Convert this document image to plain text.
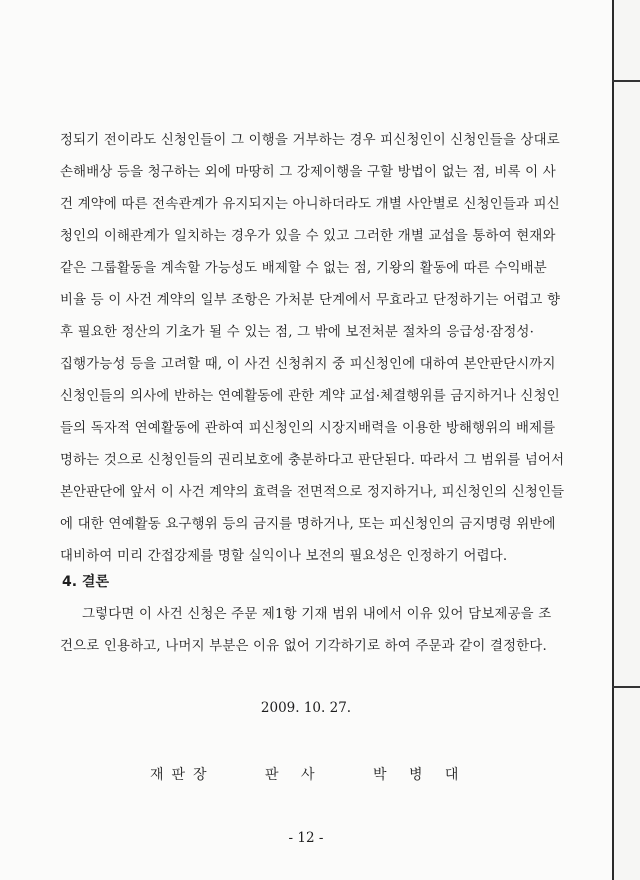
정되기 전이라도 신청인들이 그 이행을 거부하는 경우 피신청인이 신청인들을 상대로
손해배상 등을 청구하는 외에 마땅히 그 강제이행을 구할 방법이 없는 점, 비록 이 사
건 계약에 따른 전속관계가 유지되지는 아니하더라도 개별 사안별로 신청인들과 피신
청인의 이해관계가 일치하는 경우가 있을 수 있고 그러한 개별 교섭을 통하여 현재와
같은 그룹활동을 계속할 가능성도 배제할 수 없는 점, 기왕의 활동에 따른 수익배분
비율 등 이 사건 계약의 일부 조항은 가처분 단계에서 무효라고 단정하기는 어렵고 향
후 필요한 정산의 기초가 될 수 있는 점, 그 밖에 보전처분 절차의 응급성·잠정성·
집행가능성 등을 고려할 때, 이 사건 신청취지 중 피신청인에 대하여 본안판단시까지
신청인들의 의사에 반하는 연예활동에 관한 계약 교섭·체결행위를 금지하거나 신청인
들의 독자적 연예활동에 관하여 피신청인의 시장지배력을 이용한 방해행위의 배제를
명하는 것으로 신청인들의 권리보호에 충분하다고 판단된다. 따라서 그 범위를 넘어서
본안판단에 앞서 이 사건 계약의 효력을 전면적으로 정지하거나, 피신청인의 신청인들
에 대한 연예활동 요구행위 등의 금지를 명하거나, 또는 피신청인의 금지명령 위반에
대비하여 미리 간접강제를 명할 실익이나 보전의 필요성은 인정하기 어렵다.
4. 결론
그렇다면 이 사건 신청은 주문 제1항 기재 범위 내에서 이유 있어 담보제공을 조
건으로 인용하고, 나머지 부분은 이유 없어 기각하기로 하여 주문과 같이 결정한다.
2009. 10. 27.
재판장	판 사	박 병 대
- 12 -
